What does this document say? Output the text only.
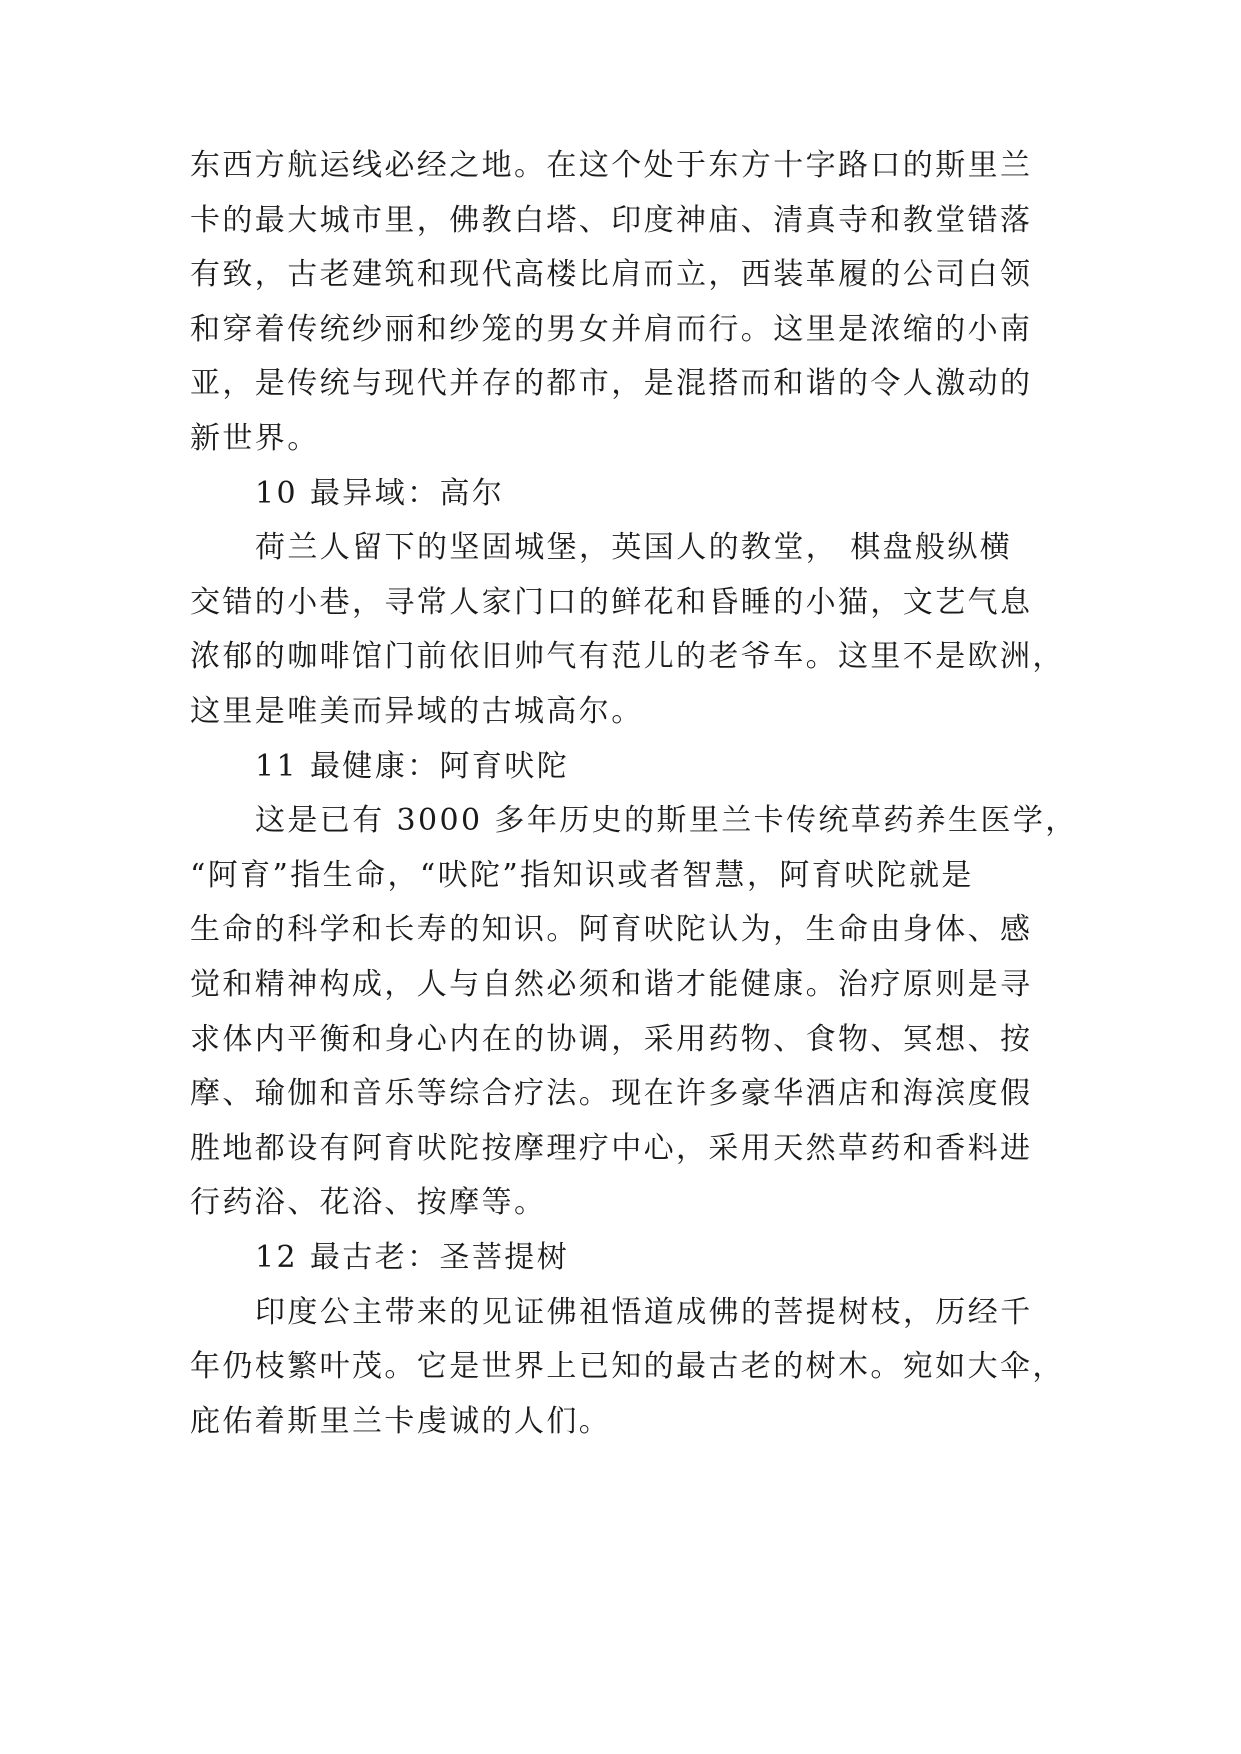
东西方航运线必经之地。在这个处于东方十字路口的斯里兰
卡的最大城市里，佛教白塔、印度神庙、清真寺和教堂错落
有致，古老建筑和现代高楼比肩而立，西装革履的公司白领
和穿着传统纱丽和纱笼的男女并肩而行。这里是浓缩的小南
亚，是传统与现代并存的都市，是混搭而和谐的令人激动的
新世界。
10 最异域：高尔
荷兰人留下的坚固城堡，英国人的教堂， 棋盘般纵横
交错的小巷，寻常人家门口的鲜花和昏睡的小猫，文艺气息
浓郁的咖啡馆门前依旧帅气有范儿的老爷车。这里不是欧洲，
这里是唯美而异域的古城高尔。
11 最健康：阿育吠陀
这是已有 3000 多年历史的斯里兰卡传统草药养生医学，
“阿育”指生命，“吠陀”指知识或者智慧，阿育吠陀就是
生命的科学和长寿的知识。阿育吠陀认为，生命由身体、感
觉和精神构成，人与自然必须和谐才能健康。治疗原则是寻
求体内平衡和身心内在的协调，采用药物、食物、冥想、按
摩、瑜伽和音乐等综合疗法。现在许多豪华酒店和海滨度假
胜地都设有阿育吠陀按摩理疗中心，采用天然草药和香料进
行药浴、花浴、按摩等。
12 最古老：圣菩提树
印度公主带来的见证佛祖悟道成佛的菩提树枝，历经千
年仍枝繁叶茂。它是世界上已知的最古老的树木。宛如大伞，
庇佑着斯里兰卡虔诚的人们。
